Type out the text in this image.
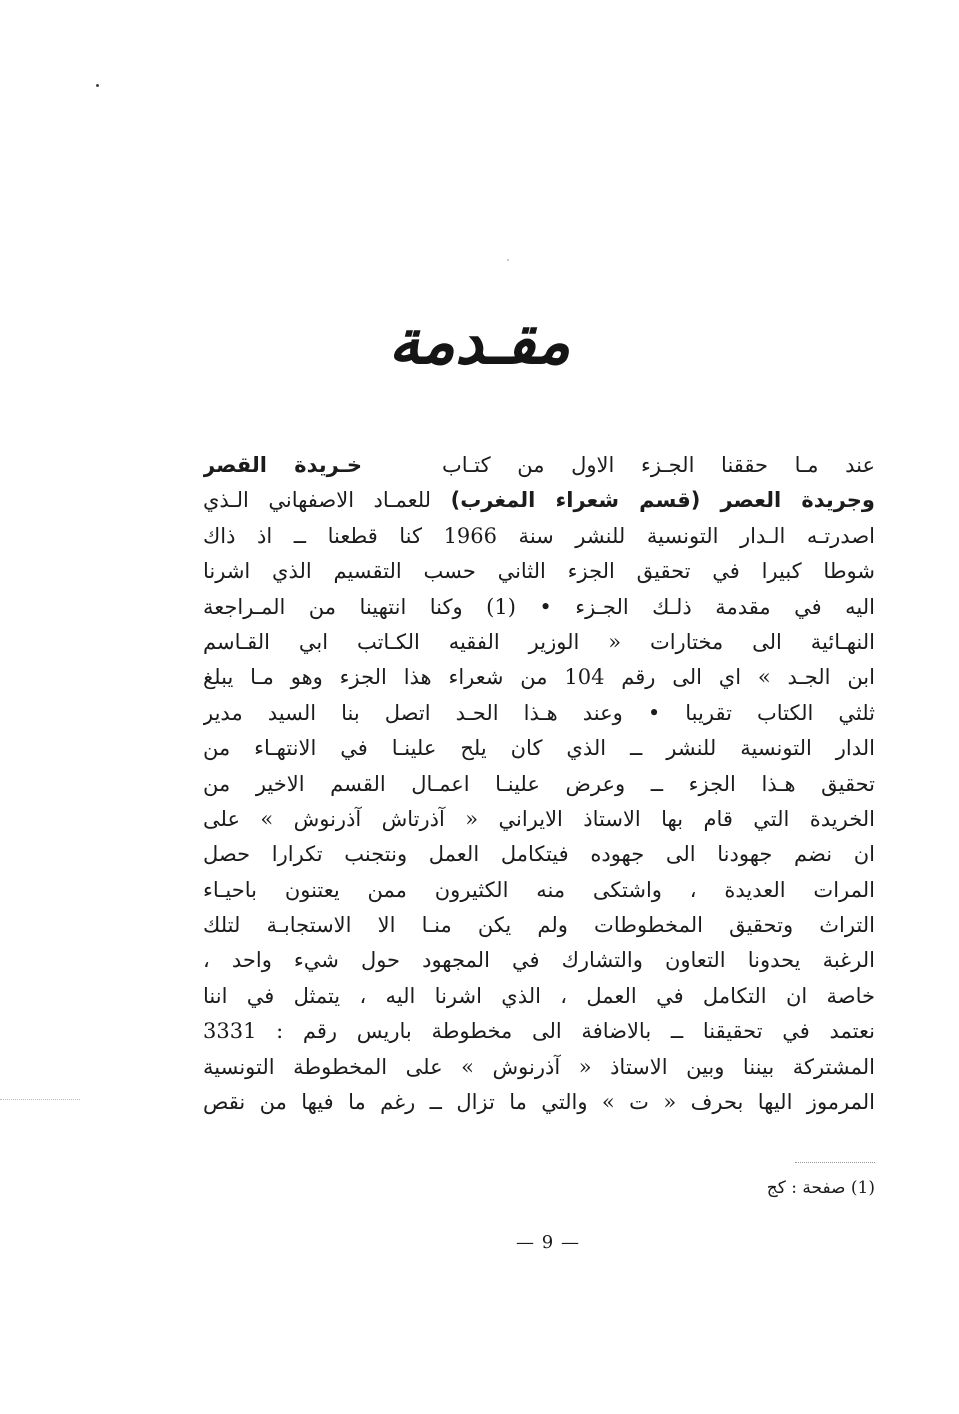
مقـدمة
عند مـا حققنا الجـزء الاول من كتـاب   خـريدة القصر
وجريدة العصر (قسم شعراء المغرب) للعمـاد الاصفهاني الـذي
اصدرتـه الـدار التونسية للنشر سنة 1966 كنا قطعنا ــ اذ ذاك
شوطا كبيرا في تحقيق الجزء الثاني حسب التقسيم الذي اشرنا
اليه في مقدمة ذلـك الجـزء • (1) وكنا انتهينا من المـراجعة
النهـائية الى مختارات « الوزير الفقيه الكـاتب ابي القـاسم
ابن الجـد » اي الى رقم 104 من شعراء هذا الجزء وهو مـا يبلغ
ثلثي الكتاب تقريبا • وعند هـذا الحـد اتصل بنا السيد مدير
الدار التونسية للنشر ــ الذي كان يلح علينـا في الانتهـاء من
تحقيق هـذا الجزء ــ وعرض علينـا اعمـال القسم الاخير من
الخريدة التي قام بها الاستاذ الايراني « آذرتاش آذرنوش » على
ان نضم جهودنا الى جهوده فيتكامل العمل ونتجنب تكرارا حصل
المرات العديدة ، واشتكى منه الكثيرون ممن يعتنون باحيـاء
التراث وتحقيق المخطوطات ولم يكن منـا الا الاستجابـة لتلك
الرغبة يحدونا التعاون والتشارك في المجهود حول شيء واحد ،
خاصة ان التكامل في العمل ، الذي اشرنا اليه ، يتمثل في اننا
نعتمد في تحقيقنا ــ بالاضافة الى مخطوطة باريس رقم : 3331
المشتركة بيننا وبين الاستاذ « آذرنوش » على المخطوطة التونسية
المرموز اليها بحرف « ت » والتي ما تزال ــ رغم ما فيها من نقص
(1) صفحة : كج
— 9 —
